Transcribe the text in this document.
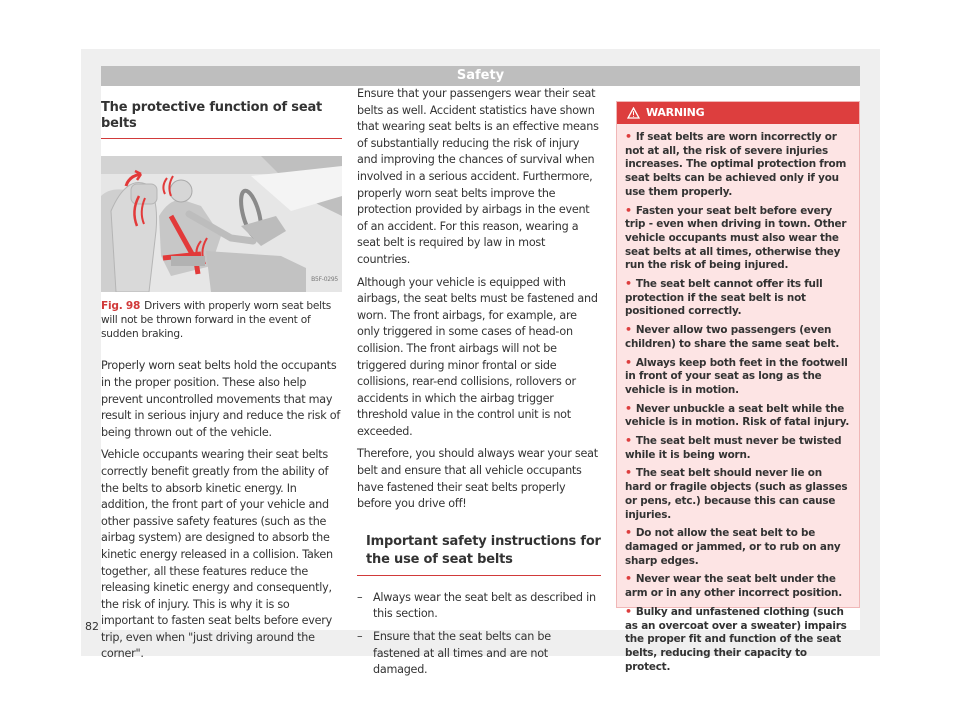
Safety
The protective function of seat belts
B5F-0295
Fig. 98 Drivers with properly worn seat belts will not be thrown forward in the event of sudden braking.

Properly worn seat belts hold the occupants in the proper position. These also help prevent uncontrolled movements that may result in serious injury and reduce the risk of being thrown out of the vehicle.

Vehicle occupants wearing their seat belts correctly benefit greatly from the ability of the belts to absorb kinetic energy. In addition, the front part of your vehicle and other passive safety features (such as the airbag system) are designed to absorb the kinetic energy released in a collision. Taken together, all these features reduce the releasing kinetic energy and consequently, the risk of injury. This is why it is so important to fasten seat belts before every trip, even when "just driving around the corner".

Ensure that your passengers wear their seat belts as well. Accident statistics have shown that wearing seat belts is an effective means of substantially reducing the risk of injury and improving the chances of survival when involved in a serious accident. Furthermore, properly worn seat belts improve the protection provided by airbags in the event of an accident. For this reason, wearing a seat belt is required by law in most countries.

Although your vehicle is equipped with airbags, the seat belts must be fastened and worn. The front airbags, for example, are only triggered in some cases of head-on collision. The front airbags will not be triggered during minor frontal or side collisions, rear-end collisions, rollovers or accidents in which the airbag trigger threshold value in the control unit is not exceeded.

Therefore, you should always wear your seat belt and ensure that all vehicle occupants have fastened their seat belts properly before you drive off!

Important safety instructions for the use of seat belts
– Always wear the seat belt as described in this section.
– Ensure that the seat belts can be fastened at all times and are not damaged.
WARNING
• If seat belts are worn incorrectly or not at all, the risk of severe injuries increases. The optimal protection from seat belts can be achieved only if you use them properly.
• Fasten your seat belt before every trip - even when driving in town. Other vehicle occupants must also wear the seat belts at all times, otherwise they run the risk of being injured.
• The seat belt cannot offer its full protection if the seat belt is not positioned correctly.
• Never allow two passengers (even children) to share the same seat belt.
• Always keep both feet in the footwell in front of your seat as long as the vehicle is in motion.
• Never unbuckle a seat belt while the vehicle is in motion. Risk of fatal injury.
• The seat belt must never be twisted while it is being worn.
• The seat belt should never lie on hard or fragile objects (such as glasses or pens, etc.) because this can cause injuries.
• Do not allow the seat belt to be damaged or jammed, or to rub on any sharp edges.
• Never wear the seat belt under the arm or in any other incorrect position.
• Bulky and unfastened clothing (such as an overcoat over a sweater) impairs the proper fit and function of the seat belts, reducing their capacity to protect.
82
